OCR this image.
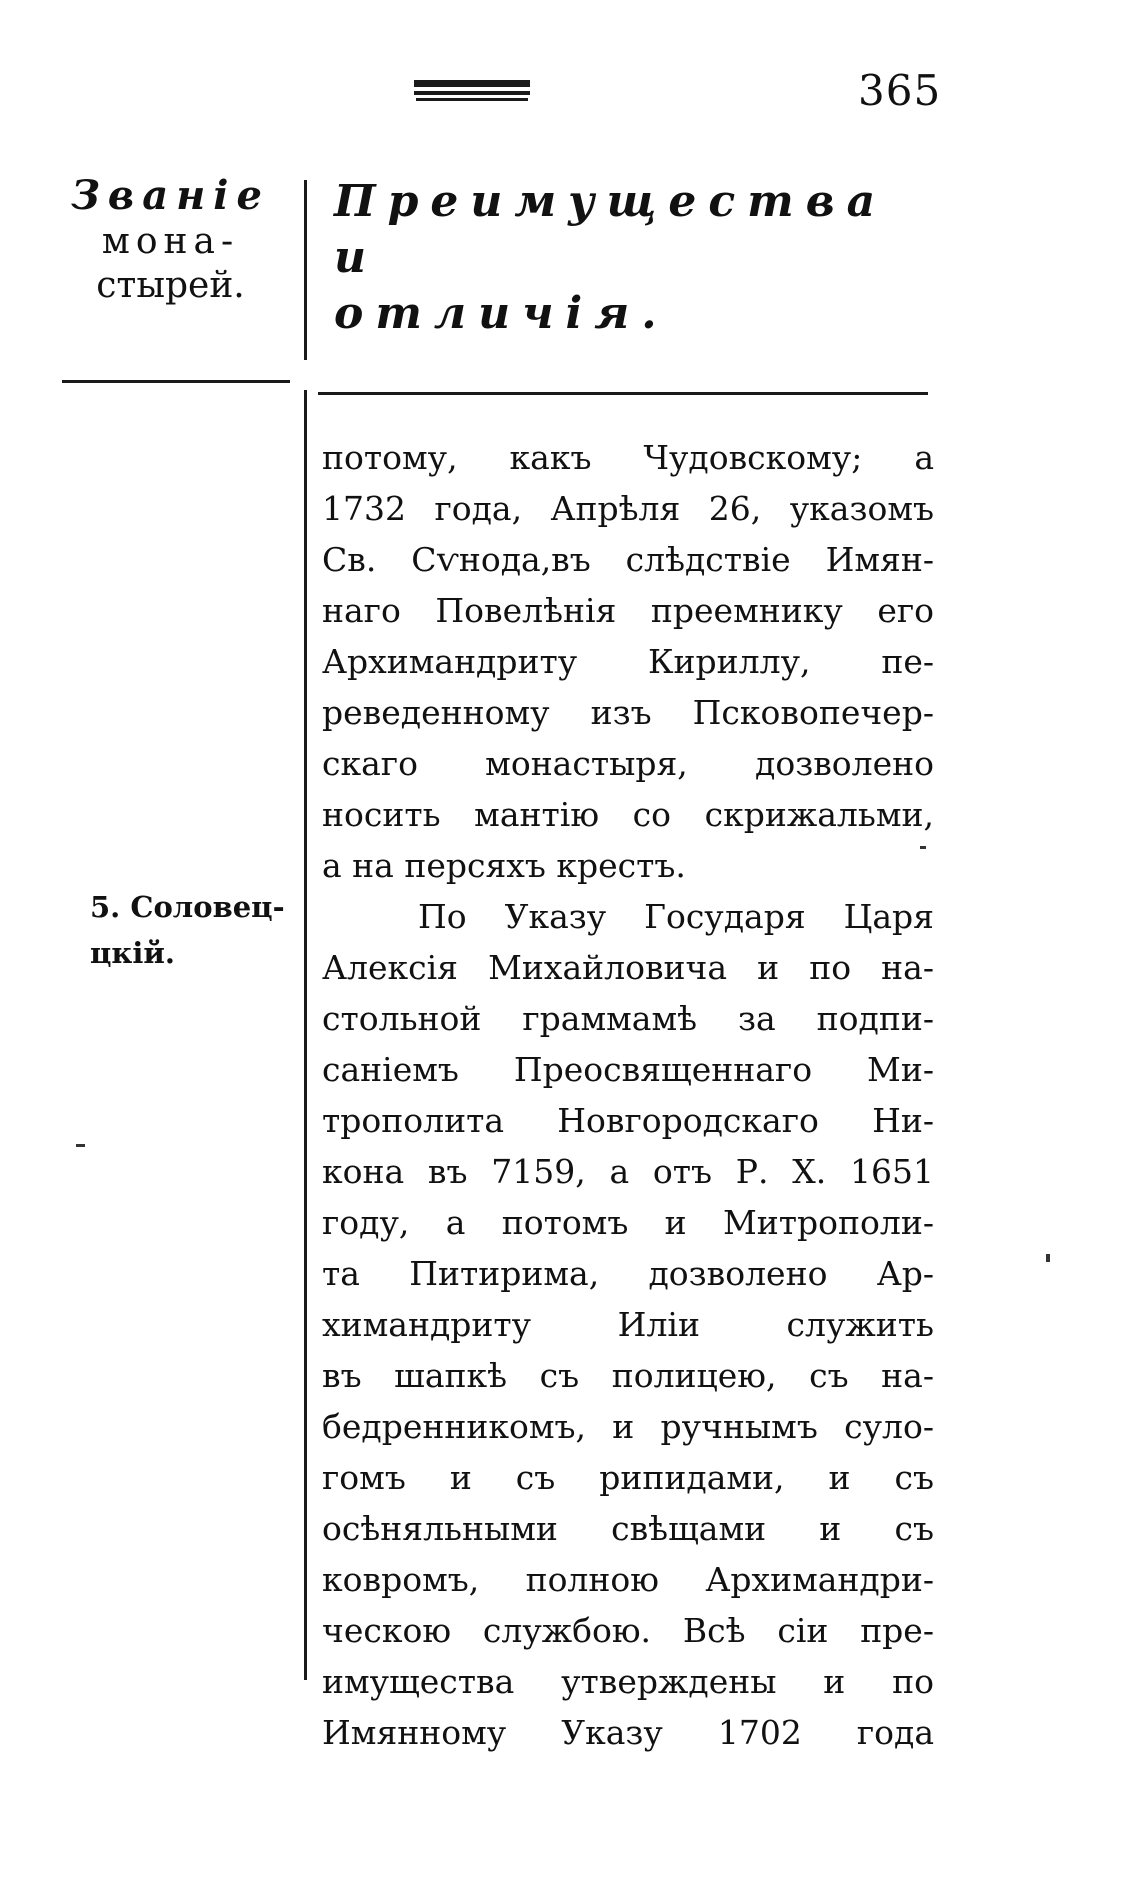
365
Званіе
мона-
стырей.
Преимущества и
отличія.
5. Соловец-
цкій.
потому, какъ Чудовскому; а
1732 года, Апрѣля 26, указомъ
Св. Сѵнода,въ слѣдствіе Имян-
наго Повелѣнія преемнику его
Архимандриту Кириллу, пе-
реведенному изъ Псковопечер-
скаго монастыря, дозволено
носить мантію со скрижальми,
а на персяхъ крестъ.
По Указу Государя Царя
Алексія Михайловича и по на-
стольной граммамѣ за подпи-
саніемъ Преосвященнаго Ми-
трополита Новгородскаго Ни-
кона въ 7159, а отъ Р. Х. 1651
году, а потомъ и Митрополи-
та Питирима, дозволено Ар-
химандриту Иліи служить
въ шапкѣ съ полицею, съ на-
бедренникомъ, и ручнымъ суло-
гомъ и съ рипидами, и съ
осѣняльными свѣщами и съ
ковромъ, полною Архимандри-
ческою службою. Всѣ сіи пре-
имущества утверждены и по
Имянному Указу 1702 года
